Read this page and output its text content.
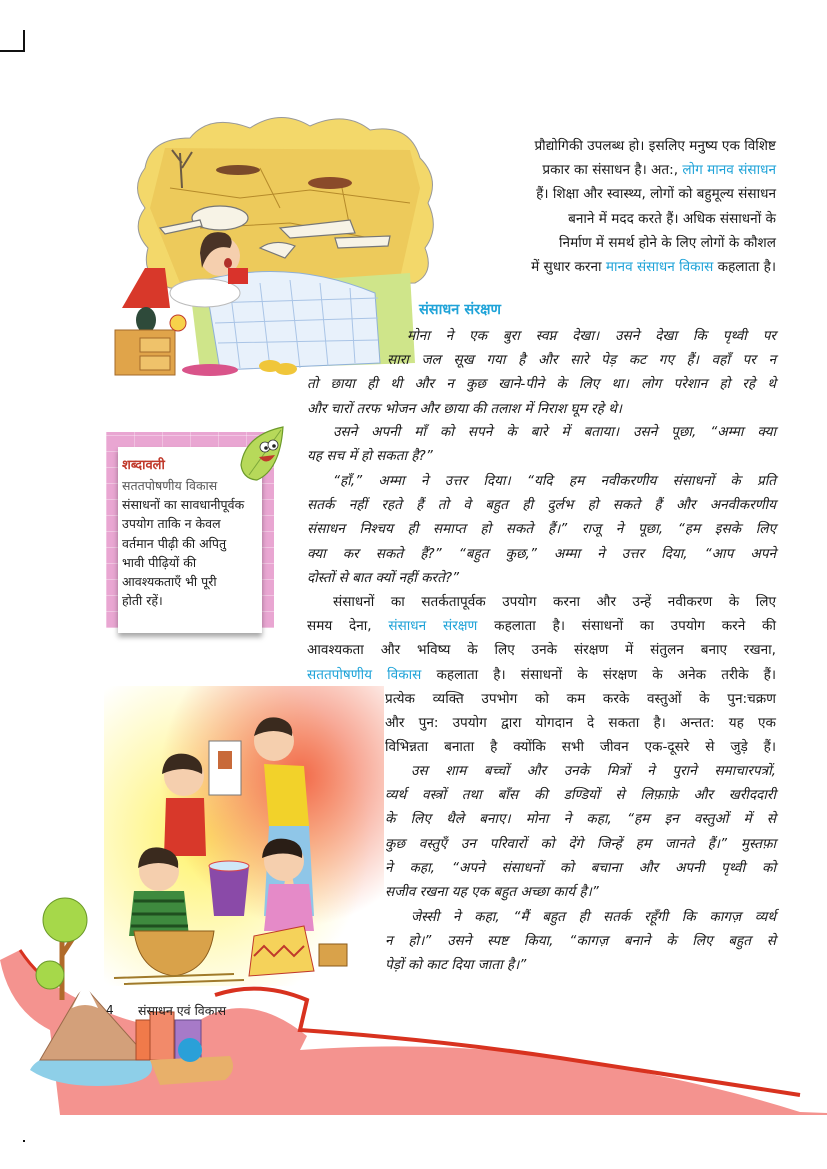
प्रौद्योगिकी उपलब्ध हो। इसलिए मनुष्य एक विशिष्ट
प्रकार का संसाधन है। अत:, लोग मानव संसाधन
हैं। शिक्षा और स्वास्थ्य, लोगों को बहुमूल्य संसाधन
बनाने में मदद करते हैं। अधिक संसाधनों के
निर्माण में समर्थ होने के लिए लोगों के कौशल
में सुधार करना मानव संसाधन विकास कहलाता है।
संसाधन संरक्षण
मोना ने एक बुरा स्वप्न देखा। उसने देखा कि पृथ्वी पर
सारा जल सूख गया है और सारे पेड़ कट गए हैं। वहाँ पर न
तो छाया ही थी और न कुछ खाने-पीने के लिए था। लोग परेशान हो रहे थे
और चारों तरफ भोजन और छाया की तलाश में निराश घूम रहे थे।
उसने अपनी माँ को सपने के बारे में बताया। उसने पूछा, “अम्मा क्या
यह सच में हो सकता है?”
“हाँ,” अम्मा ने उत्तर दिया। “यदि हम नवीकरणीय संसाधनों के प्रति
सतर्क नहीं रहते हैं तो वे बहुत ही दुर्लभ हो सकते हैं और अनवीकरणीय
संसाधन निश्चय ही समाप्त हो सकते हैं।” राजू ने पूछा, “हम इसके लिए
क्या कर सकते हैं?” “बहुत कुछ,” अम्मा ने उत्तर दिया, “आप अपने
दोस्तों से बात क्यों नहीं करते?”
संसाधनों का सतर्कतापूर्वक उपयोग करना और उन्हें नवीकरण के लिए
समय देना, संसाधन संरक्षण कहलाता है। संसाधनों का उपयोग करने की
आवश्यकता और भविष्य के लिए उनके संरक्षण में संतुलन बनाए रखना,
सततपोषणीय विकास कहलाता है। संसाधनों के संरक्षण के अनेक तरीके हैं।
प्रत्येक व्यक्ति उपभोग को कम करके वस्तुओं के पुन:चक्रण
और पुन: उपयोग द्वारा योगदान दे सकता है। अन्तत: यह एक
विभिन्नता बनाता है क्योंकि सभी जीवन एक-दूसरे से जुड़े हैं।
उस शाम बच्चों और उनके मित्रों ने पुराने समाचारपत्रों,
व्यर्थ वस्त्रों तथा बाँस की डण्डियों से लिफ़ाफ़े और खरीददारी
के लिए थैले बनाए। मोना ने कहा, “हम इन वस्तुओं में से
कुछ वस्तुएँ उन परिवारों को देंगे जिन्हें हम जानते हैं।” मुस्तफ़ा
ने कहा, “अपने संसाधनों को बचाना और अपनी पृथ्वी को
सजीव रखना यह एक बहुत अच्छा कार्य है।”
जेस्सी ने कहा, “मैं बहुत ही सतर्क रहूँगी कि कागज़ व्यर्थ
न हो।” उसने स्पष्ट किया, “कागज़ बनाने के लिए बहुत से
पेड़ों को काट दिया जाता है।”

शब्दावली

सततपोषणीय विकास

संसाधनों का सावधानीपूर्वक
उपयोग ताकि न केवल
वर्तमान पीढ़ी की अपितु
भावी पीढ़ियों की
आवश्यकताएँ भी पूरी
होती रहें।

4 संसाधन एवं विकास
